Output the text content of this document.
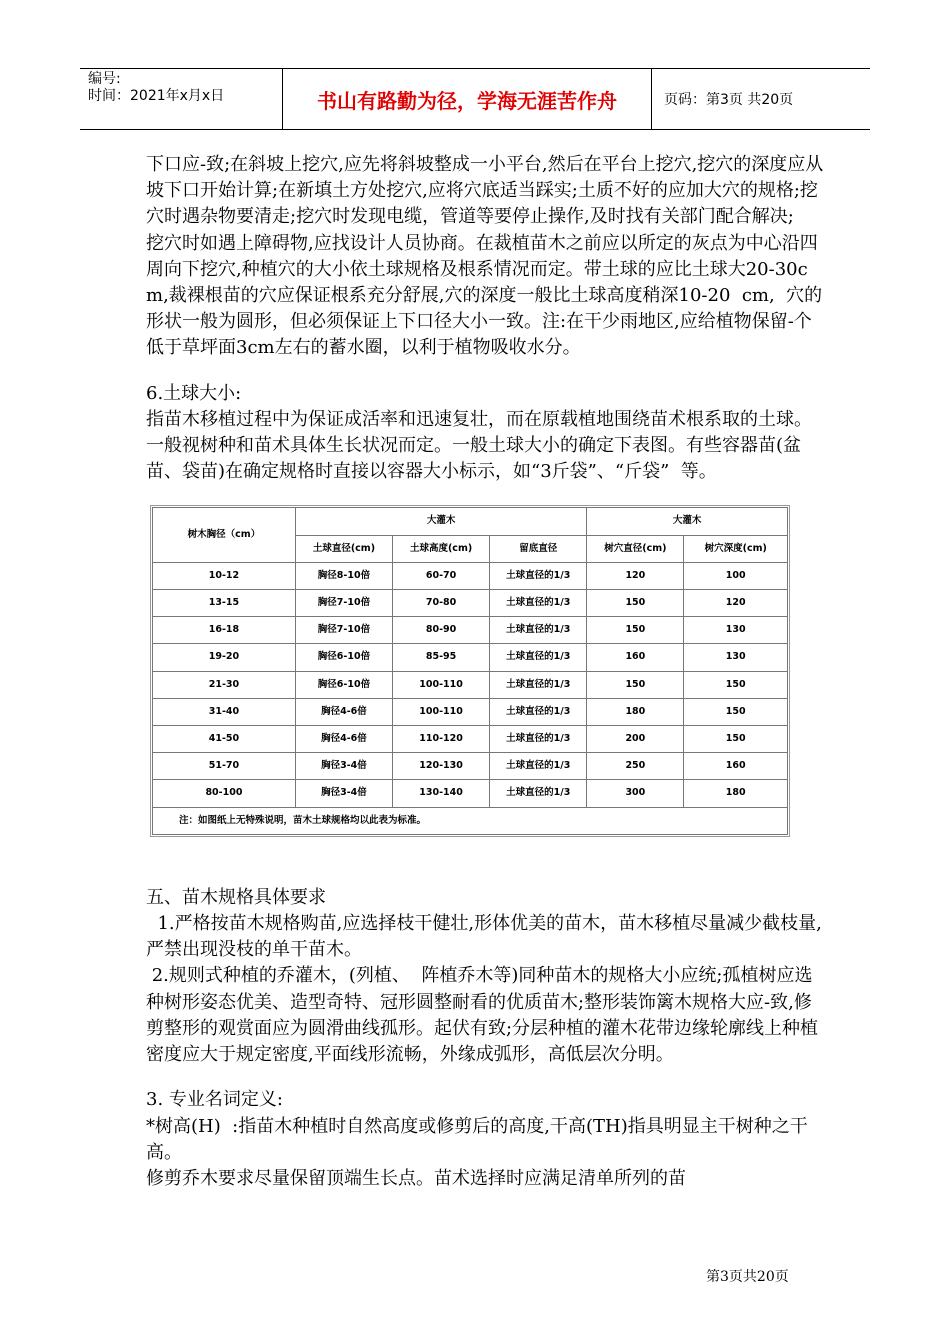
编号:
时间：2021年x月x日	书山有路勤为径，学海无涯苦作舟	页码：第3页 共20页

下口应-致;在斜坡上挖穴,应先将斜坡整成一小平台,然后在平台上挖穴,挖穴的深度应从坡下口开始计算;在新填土方处挖穴,应将穴底适当踩实;土质不好的应加大穴的规格;挖穴时遇杂物要清走;挖穴时发现电缆，管道等要停止操作,及时找有关部门配合解决;

挖穴时如遇上障碍物,应找设计人员协商。在裁植苗木之前应以所定的灰点为中心沿四周向下挖穴,种植穴的大小依土球规格及根系情况而定。带土球的应比土球大20-30cm,裁裸根苗的穴应保证根系充分舒展,穴的深度一般比土球高度稍深10-20  cm,  穴的形状一般为圆形，但必须保证上下口径大小一致。注:在干少雨地区,应给植物保留-个低于草坪面3cm左右的蓄水圈，以利于植物吸收水分。

6.土球大小:

指苗木移植过程中为保证成活率和迅速复壮，而在原载植地围绕苗术根系取的土球。一般视树种和苗术具体生长状况而定。一般土球大小的确定下表图。有些容器苗(盆苗、袋苗)在确定规格时直接以容器大小标示，如“3斤袋”、“斤袋”  等。

树木胸径（cm）	大灌木			大灌木	
	土球直径(cm)	土球高度(cm)	留底直径	树穴直径(cm)	树穴深度(cm)
10-12	胸径8-10倍	60-70	土球直径的1/3	120	100
13-15	胸径7-10倍	70-80	土球直径的1/3	150	120
16-18	胸径7-10倍	80-90	土球直径的1/3	150	130
19-20	胸径6-10倍	85-95	土球直径的1/3	160	130
21-30	胸径6-10倍	100-110	土球直径的1/3	150	150
31-40	胸径4-6倍	100-110	土球直径的1/3	180	150
41-50	胸径4-6倍	110-120	土球直径的1/3	200	150
51-70	胸径3-4倍	120-130	土球直径的1/3	250	160
80-100	胸径3-4倍	130-140	土球直径的1/3	300	180
注：如图纸上无特殊说明，苗木土球规格均以此表为标准。					

五、苗木规格具体要求

1.严格按苗木规格购苗,应选择枝干健壮,形体优美的苗木，苗木移植尽量减少截枝量,严禁出现没枝的单干苗木。

2.规则式种植的乔灌木，(列植、  阵植乔木等)同种苗木的规格大小应统;孤植树应选种树形姿态优美、造型奇特、冠形圆整耐看的优质苗木;整形装饰篱木规格大应-致,修剪整形的观赏面应为圆滑曲线孤形。起伏有致;分层种植的灌木花带边缘轮廓线上种植密度应大于规定密度,平面线形流畅，外缘成弧形，高低层次分明。

3. 专业名词定义:

*树高(H)  :指苗木种植时自然高度或修剪后的高度,干高(TH)指具明显主干树种之干高。

修剪乔木要求尽量保留顶端生长点。苗术选择时应满足清单所列的苗

第3页共20页
